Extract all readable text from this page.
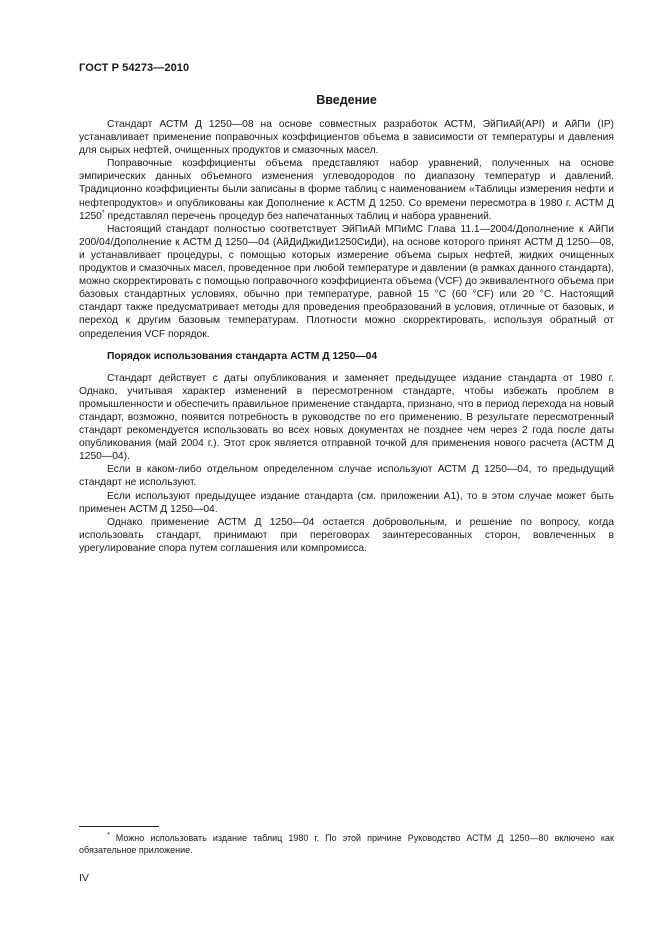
ГОСТ Р 54273—2010
Введение

Стандарт АСТМ Д 1250—08 на основе совместных разработок АСТМ, ЭйПиАй(API) и АйПи (IP) устанавливает применение поправочных коэффициентов объема в зависимости от температуры и давления для сырых нефтей, очищенных продуктов и смазочных масел.

Поправочные коэффициенты объема представляют набор уравнений, полученных на основе эмпирических данных объемного изменения углеводородов по диапазону температур и давлений. Традиционно коэффициенты были записаны в форме таблиц с наименованием «Таблицы измерения нефти и нефтепродуктов» и опубликованы как Дополнение к АСТМ Д 1250. Со времени пересмотра в 1980 г. АСТМ Д 1250* представлял перечень процедур без напечатанных таблиц и набора уравнений.

Настоящий стандарт полностью соответствует ЭйПиАй МПиМС Глава 11.1—2004/Дополнение к АйПи 200/04/Дополнение к АСТМ Д 1250—04 (АйДиДжиДи1250СиДи), на основе которого принят АСТМ Д 1250—08, и устанавливает процедуры, с помощью которых измерение объема сырых нефтей, жидких очищенных продуктов и смазочных масел, проведенное при любой температуре и давлении (в рамках данного стандарта), можно скорректировать с помощью поправочного коэффициента объема (VCF) до эквивалентного объема при базовых стандартных условиях, обычно при температуре, равной 15 °С (60 °CF) или 20 °С. Настоящий стандарт также предусматривает методы для проведения преобразований в условия, отличные от базовых, и переход к другим базовым температурам. Плотности можно скорректировать, используя обратный от определения VCF порядок.

Порядок использования стандарта АСТМ Д 1250—04

Стандарт действует с даты опубликования и заменяет предыдущее издание стандарта от 1980 г. Однако, учитывая характер изменений в пересмотренном стандарте, чтобы избежать проблем в промышленности и обеспечить правильное применение стандарта, признано, что в период перехода на новый стандарт, возможно, появится потребность в руководстве по его применению. В результате пересмотренный стандарт рекомендуется использовать во всех новых документах не позднее чем через 2 года после даты опубликования (май 2004 г.). Этот срок является отправной точкой для применения нового расчета (АСТМ Д 1250—04).

Если в каком-либо отдельном определенном случае используют АСТМ Д 1250—04, то предыдущий стандарт не используют.

Если используют предыдущее издание стандарта (см. приложении А1), то в этом случае может быть применен АСТМ Д 1250—04.

Однако применение АСТМ Д 1250—04 остается добровольным, и решение по вопросу, когда использовать стандарт, принимают при переговорах заинтересованных сторон, вовлеченных в урегулирование спора путем соглашения или компромисса.

* Можно использовать издание таблиц 1980 г. По этой причине Руководство АСТМ Д 1250—80 включено как обязательное приложение.
IV
